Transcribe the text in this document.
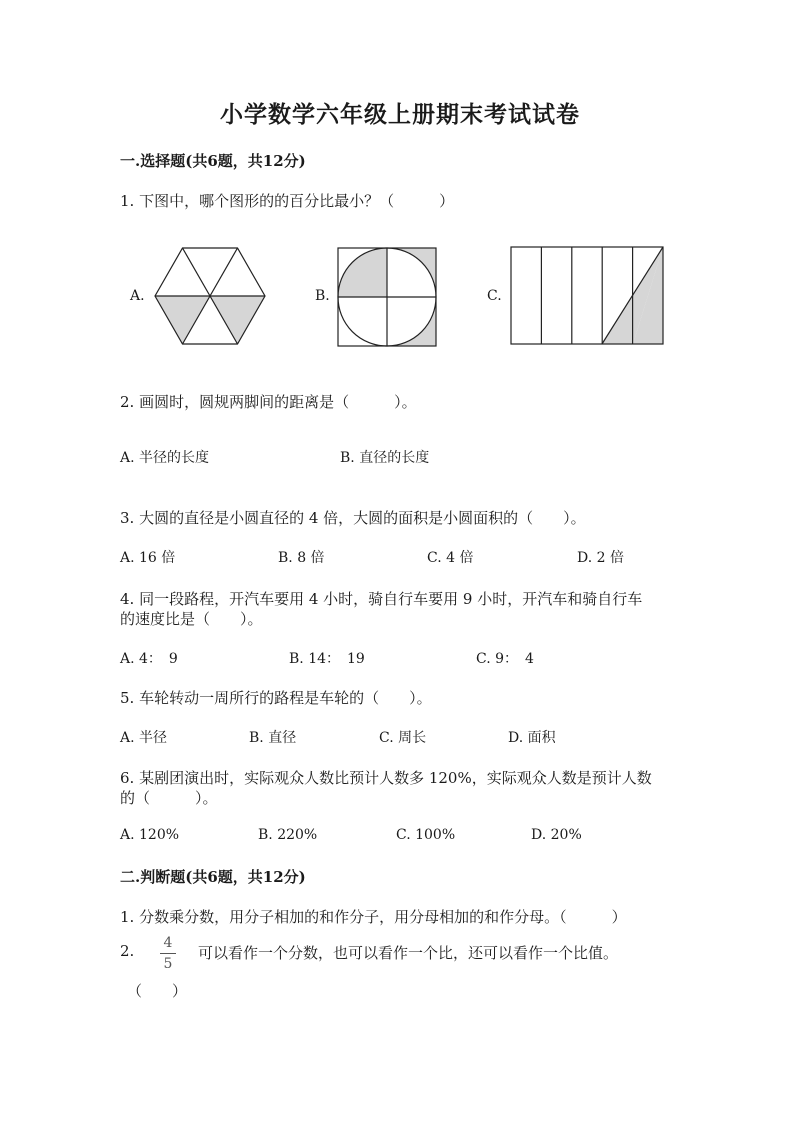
小学数学六年级上册期末考试试卷
一.选择题(共6题，共12分)
1. 下图中，哪个图形的的百分比最小？（　　　）
A.	B.	C.
2. 画圆时，圆规两脚间的距离是（　　　）。
A. 半径的长度	B. 直径的长度
3. 大圆的直径是小圆直径的 4 倍，大圆的面积是小圆面积的（　　）。
A. 16 倍	B. 8 倍	C. 4 倍	D. 2 倍
4. 同一段路程，开汽车要用 4 小时，骑自行车要用 9 小时，开汽车和骑自行车
的速度比是（　　）。
A. 4：　9	B. 14：　19	C. 9：　4
5. 车轮转动一周所行的路程是车轮的（　　）。
A. 半径	B. 直径	C. 周长	D. 面积
6. 某剧团演出时，实际观众人数比预计人数多 120%，实际观众人数是预计人数
的（　　　）。
A. 120%	B. 220%	C. 100%	D. 20%
二.判断题(共6题，共12分)
1. 分数乘分数，用分子相加的和作分子，用分母相加的和作分母。（　　　）
2.	4
5
可以看作一个分数，也可以看作一个比，还可以看作一个比值。
（　　）
